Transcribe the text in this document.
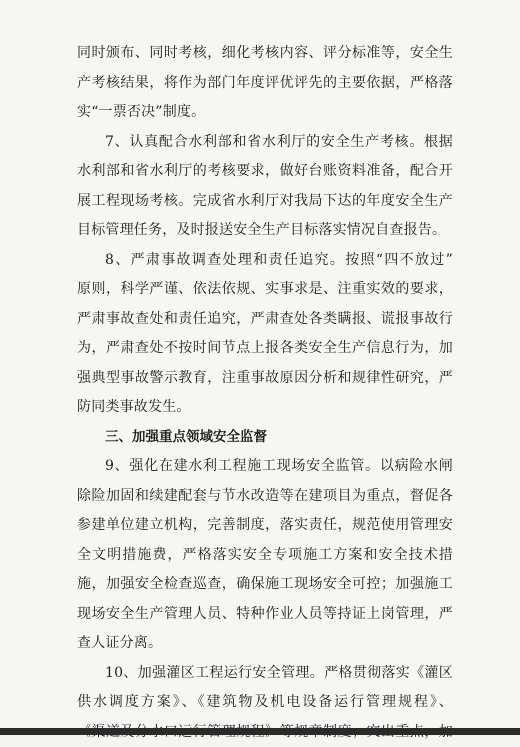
同时颁布、同时考核，细化考核内容、评分标准等，安全生
产考核结果，将作为部门年度评优评先的主要依据，严格落
实“一票否决”制度。
7、认真配合水利部和省水利厅的安全生产考核。根据
水利部和省水利厅的考核要求，做好台账资料准备，配合开
展工程现场考核。完成省水利厅对我局下达的年度安全生产
目标管理任务，及时报送安全生产目标落实情况自查报告。
8、严肃事故调查处理和责任追究。按照“四不放过”
原则，科学严谨、依法依规、实事求是、注重实效的要求，
严肃事故查处和责任追究，严肃查处各类瞒报、谎报事故行
为，严肃查处不按时间节点上报各类安全生产信息行为，加
强典型事故警示教育，注重事故原因分析和规律性研究，严
防同类事故发生。
三、加强重点领域安全监督
9、强化在建水利工程施工现场安全监管。以病险水闸
除险加固和续建配套与节水改造等在建项目为重点，督促各
参建单位建立机构，完善制度，落实责任，规范使用管理安
全文明措施费，严格落实安全专项施工方案和安全技术措
施，加强安全检查巡查，确保施工现场安全可控；加强施工
现场安全生产管理人员、特种作业人员等持证上岗管理，严
查人证分离。
10、加强灌区工程运行安全管理。严格贯彻落实《灌区
供水调度方案》、《建筑物及机电设备运行管理规程》、
